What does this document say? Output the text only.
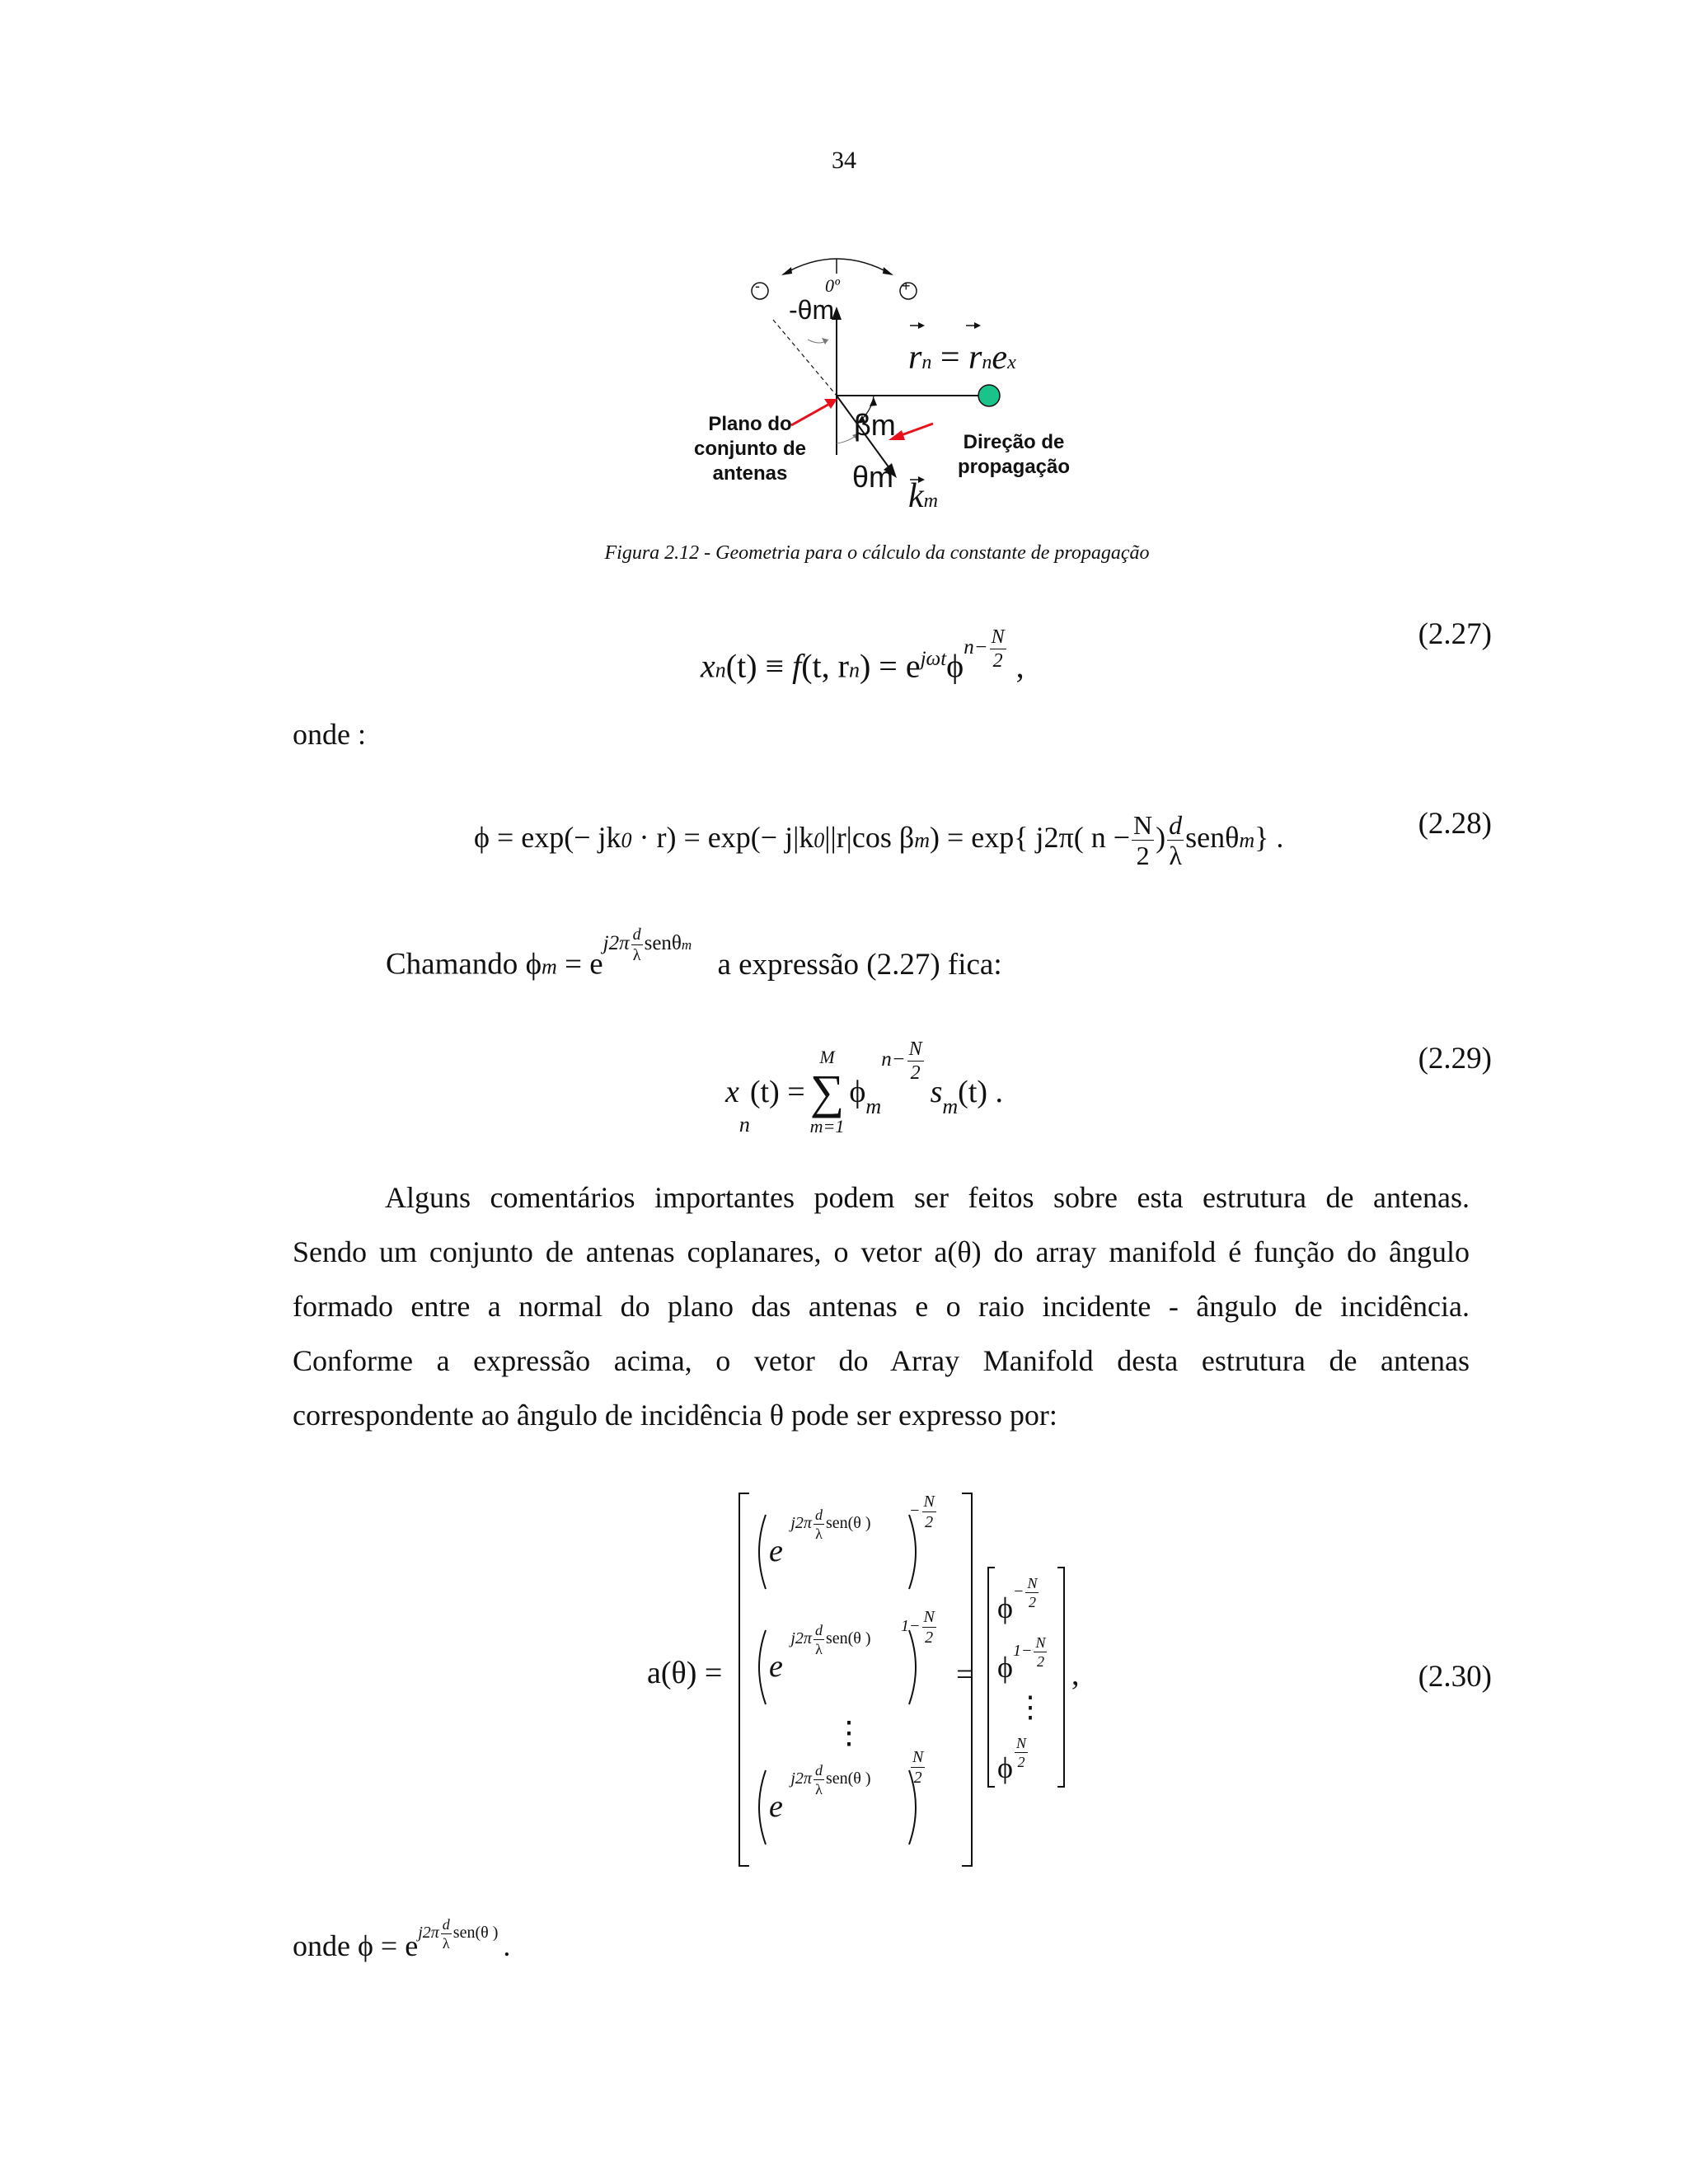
34
-	+
0º
-θm
rn = rnex
βm
θm
km
Plano do
conjunto de
antenas
Direção de
propagação
Figura 2.12 - Geometria para o cálculo da constante de propagação
xn(t) ≡ f(t, $rn) = e^{j\omega t}\phi^{n- \frac{N}{2}}$ ,
(2.27)
onde :
ϕ = exp(− jk0 · r) = exp(− j|k0||r|cos βm) = exp{ j2π( $n - \frac{N}{2}$ ) $\frac{d}{\lambda} sen\theta m$} .	(2.28)
Chamando $\phi m = e^{j2\pi \frac{d}{\lambda} sen\theta m}$ a expressão (2.27) fica:
x
n
(t) =
M
∑
m=1
ϕ m
$^{n- \frac{N}{2}}$
s m (t) .
(2.29)
Alguns comentários importantes podem ser feitos sobre esta estrutura de antenas.
Sendo um conjunto de antenas coplanares, o vetor a(θ) do array manifold é função do ângulo
formado entre a normal do plano das antenas e o raio incidente - ângulo de incidência.
Conforme a expressão acima, o vetor do Array Manifold desta estrutura de antenas
correspondente ao ângulo de incidência θ pode ser expresso por:
a(θ) =
e $^{j2\pi \frac{d}{\lambda} sen(\theta )}$
− $\frac{N}{2}$
e $^{j2\pi \frac{d}{\lambda} sen(\theta )}$
$1- \frac{N}{2}$
⋮
e $^{j2\pi \frac{d}{\lambda} sen(\theta )} \frac{N}{2}$
=
$\phi^{- \frac{N}{2}}$
$\phi^{1- \frac{N}{2}}$
⋮
ϕ $^{\frac{N}{2}}$
,	(2.30)
onde $\phi = e^{j2\pi \frac{d}{\lambda} sen(\theta )}$ .
